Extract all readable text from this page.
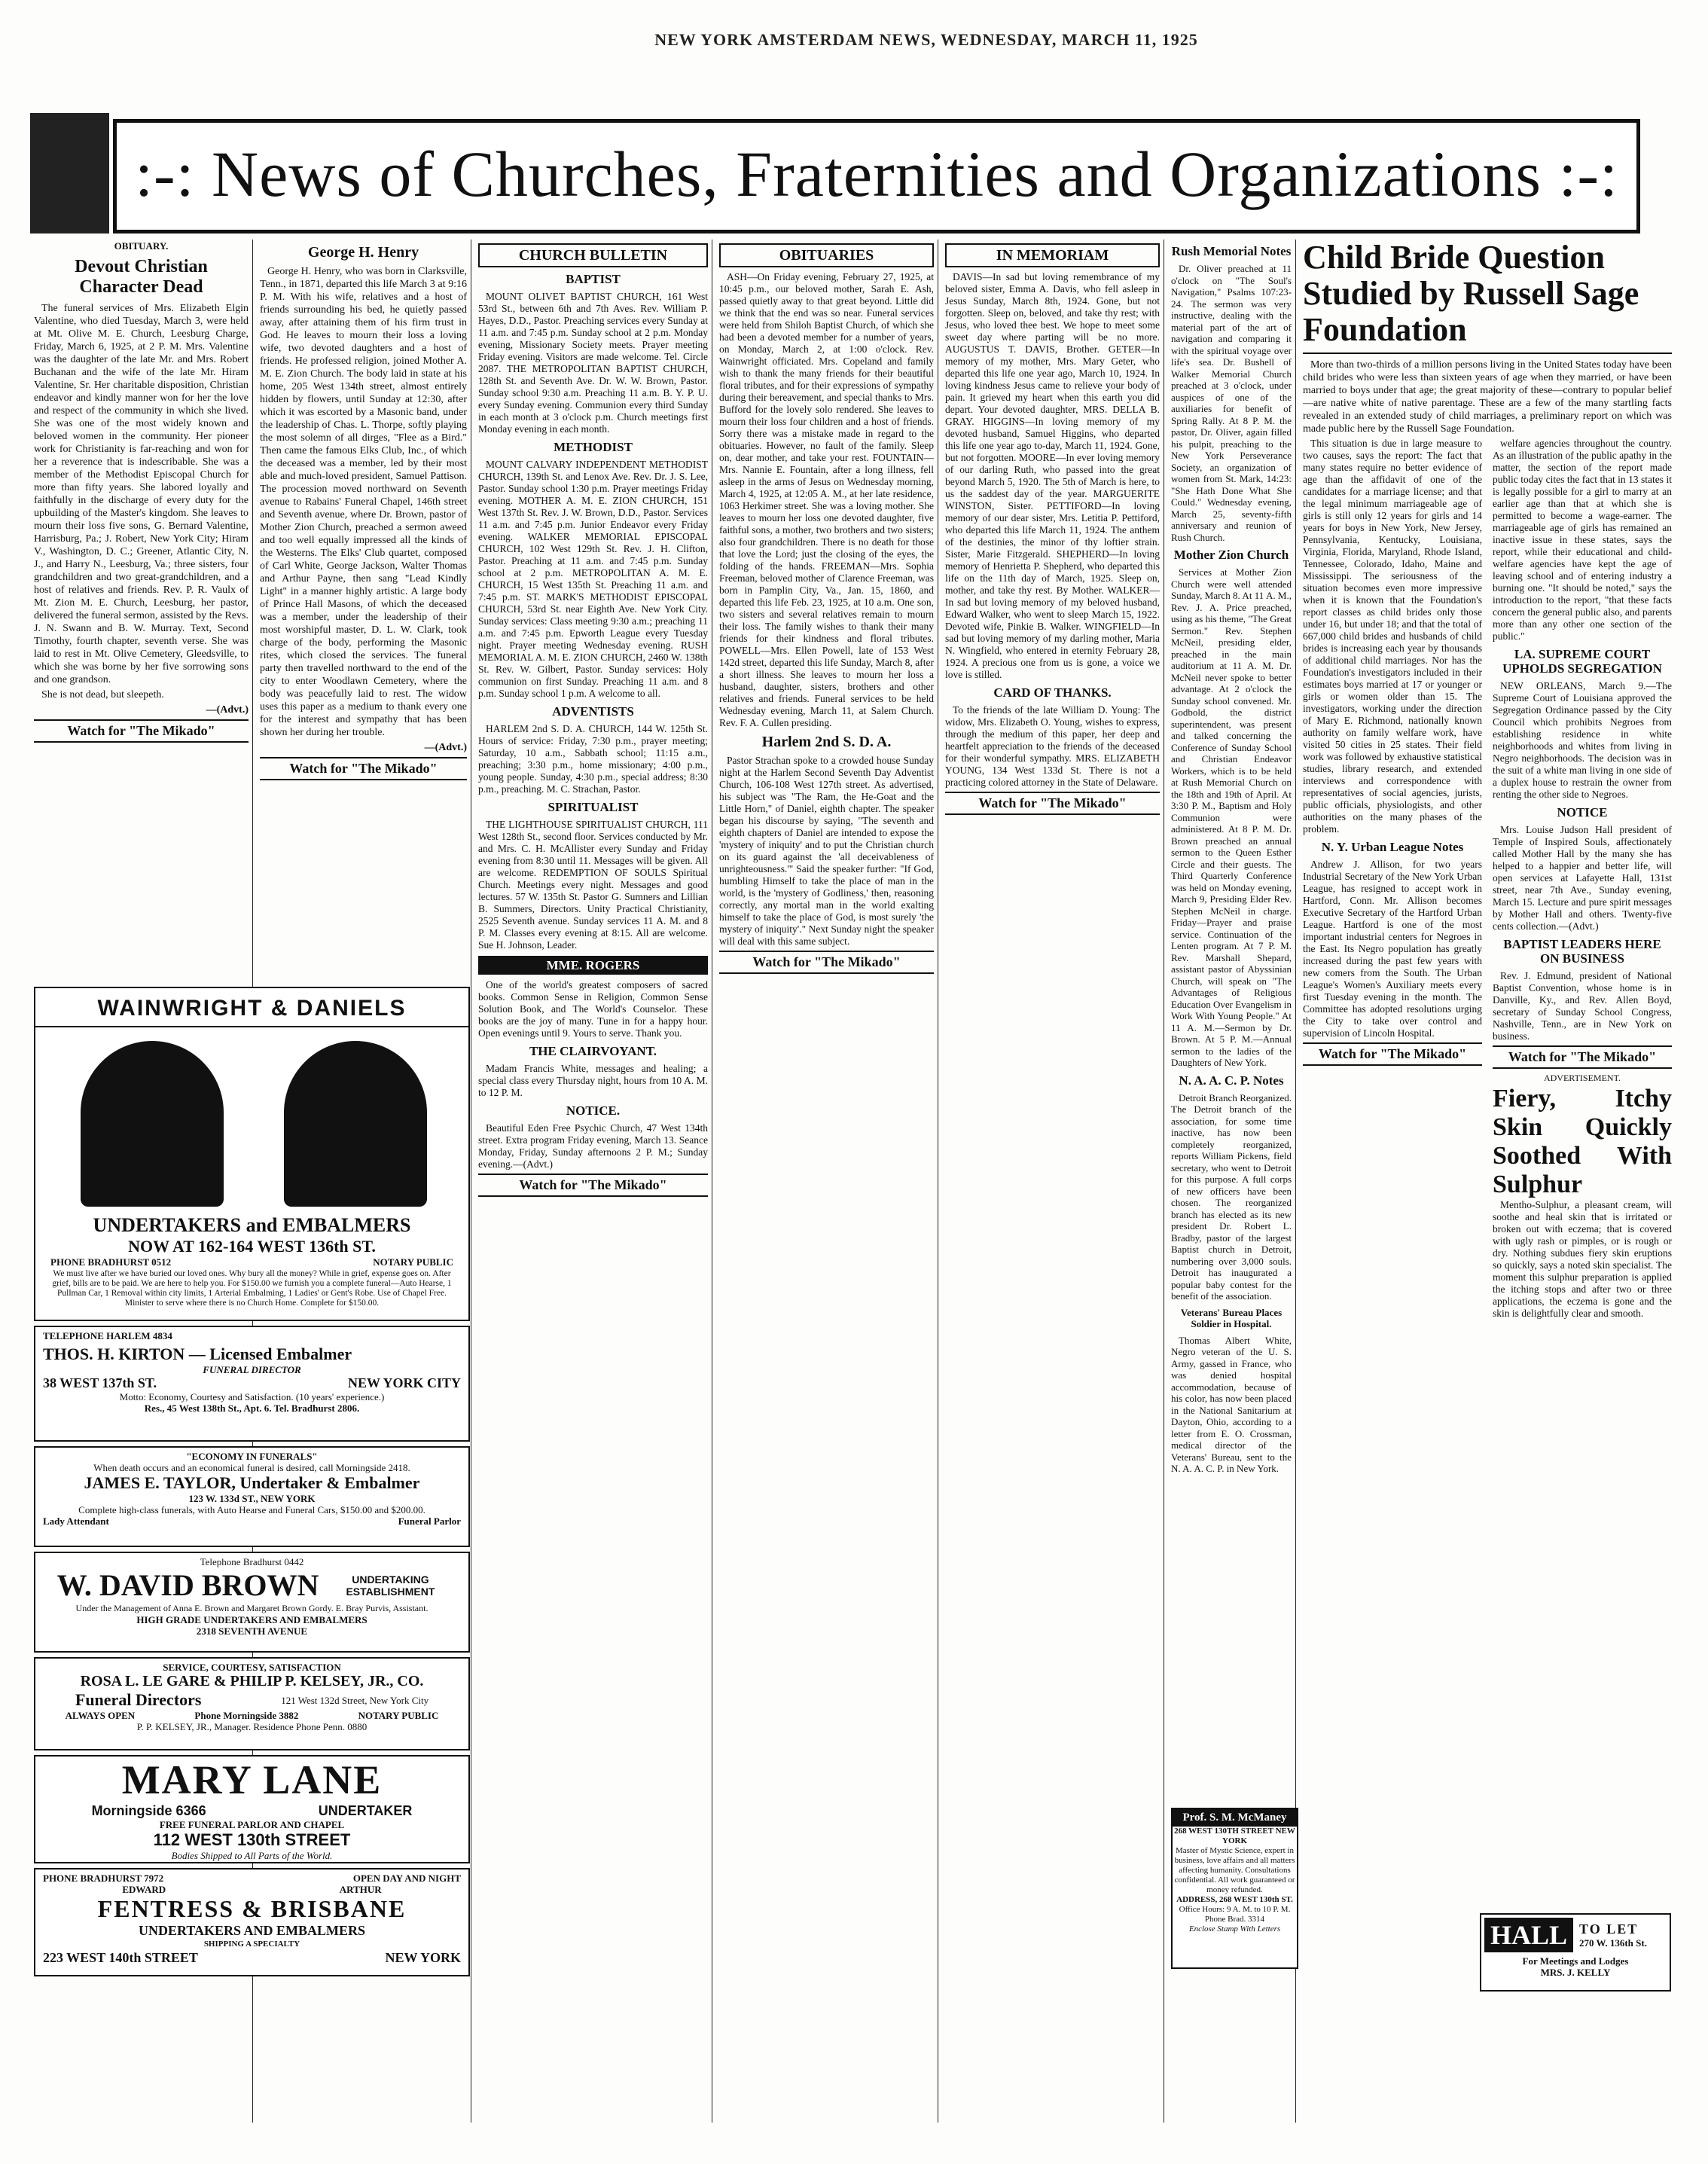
NEW YORK AMSTERDAM NEWS, WEDNESDAY, MARCH 11, 1925
:-: News of Churches, Fraternities and Organizations :-:
OBITUARY.
Devout Christian Character Dead

The funeral services of Mrs. Elizabeth Elgin Valentine, who died Tuesday, March 3, were held at Mt. Olive M. E. Church, Leesburg Charge, Friday, March 6, 1925, at 2 P. M. Mrs. Valentine was the daughter of the late Mr. and Mrs. Robert Buchanan and the wife of the late Mr. Hiram Valentine, Sr. Her charitable disposition, Christian endeavor and kindly manner won for her the love and respect of the community in which she lived. She was one of the most widely known and beloved women in the community. Her pioneer work for Christianity is far-reaching and won for her a reverence that is indescribable. She was a member of the Methodist Episcopal Church for more than fifty years. She labored loyally and faithfully in the discharge of every duty for the upbuilding of the Master's kingdom. She leaves to mourn their loss five sons, G. Bernard Valentine, Harrisburg, Pa.; J. Robert, New York City; Hiram V., Washington, D. C.; Greener, Atlantic City, N. J., and Harry N., Leesburg, Va.; three sisters, four grandchildren and two great-grandchildren, and a host of relatives and friends. Rev. P. R. Vaulx of Mt. Zion M. E. Church, Leesburg, her pastor, delivered the funeral sermon, assisted by the Revs. J. N. Swann and B. W. Murray. Text, Second Timothy, fourth chapter, seventh verse. She was laid to rest in Mt. Olive Cemetery, Gleedsville, to which she was borne by her five sorrowing sons and one grandson.

She is not dead, but sleepeth.

—(Advt.)
Watch for "The Mikado"
George H. Henry

George H. Henry, who was born in Clarksville, Tenn., in 1871, departed this life March 3 at 9:16 P. M. With his wife, relatives and a host of friends surrounding his bed, he quietly passed away, after attaining them of his firm trust in God. He leaves to mourn their loss a loving wife, two devoted daughters and a host of friends. He professed religion, joined Mother A. M. E. Zion Church. The body laid in state at his home, 205 West 134th street, almost entirely hidden by flowers, until Sunday at 12:30, after which it was escorted by a Masonic band, under the leadership of Chas. L. Thorpe, softly playing the most solemn of all dirges, "Flee as a Bird." Then came the famous Elks Club, Inc., of which the deceased was a member, led by their most able and much-loved president, Samuel Pattison. The procession moved northward on Seventh avenue to Rabains' Funeral Chapel, 146th street and Seventh avenue, where Dr. Brown, pastor of Mother Zion Church, preached a sermon aweed and too well equally impressed all the kinds of the Westerns. The Elks' Club quartet, composed of Carl White, George Jackson, Walter Thomas and Arthur Payne, then sang "Lead Kindly Light" in a manner highly artistic. A large body of Prince Hall Masons, of which the deceased was a member, under the leadership of their most worshipful master, D. L. W. Clark, took charge of the body, performing the Masonic rites, which closed the services. The funeral party then travelled northward to the end of the city to enter Woodlawn Cemetery, where the body was peacefully laid to rest. The widow uses this paper as a medium to thank every one for the interest and sympathy that has been shown her during her trouble.

—(Advt.)
Watch for "The Mikado"
WAINWRIGHT & DANIELS
UNDERTAKERS and EMBALMERS
NOW AT 162-164 WEST 136th ST.
PHONE BRADHURST 0512	NOTARY PUBLIC
We must live after we have buried our loved ones. Why bury all the money? While in grief, expense goes on. After grief, bills are to be paid. We are here to help you. For $150.00 we furnish you a complete funeral—Auto Hearse, 1 Pullman Car, 1 Removal within city limits, 1 Arterial Embalming, 1 Ladies' or Gent's Robe. Use of Chapel Free. Minister to serve where there is no Church Home. Complete for $150.00.
TELEPHONE HARLEM 4834
THOS. H. KIRTON — Licensed Embalmer
FUNERAL DIRECTOR
38 WEST 137th ST.	NEW YORK CITY
Motto: Economy, Courtesy and Satisfaction. (10 years' experience.)
Res., 45 West 138th St., Apt. 6. Tel. Bradhurst 2806.
"ECONOMY IN FUNERALS"
When death occurs and an economical funeral is desired, call Morningside 2418.
JAMES E. TAYLOR, Undertaker & Embalmer
123 W. 133d ST., NEW YORK
Complete high-class funerals, with Auto Hearse and Funeral Cars, $150.00 and $200.00.
Lady Attendant	Funeral Parlor
Telephone Bradhurst 0442
W. DAVID BROWN	UNDERTAKING ESTABLISHMENT
Under the Management of Anna E. Brown and Margaret Brown Gordy. E. Bray Purvis, Assistant.
HIGH GRADE UNDERTAKERS AND EMBALMERS
2318 SEVENTH AVENUE
SERVICE, COURTESY, SATISFACTION
ROSA L. LE GARE & PHILIP P. KELSEY, JR., CO.
Funeral Directors	121 West 132d Street, New York City
ALWAYS OPEN	Phone Morningside 3882	NOTARY PUBLIC
P. P. KELSEY, JR., Manager. Residence Phone Penn. 0880
MARY LANE
Morningside 6366	UNDERTAKER
FREE FUNERAL PARLOR AND CHAPEL
112 WEST 130th STREET
Bodies Shipped to All Parts of the World.
PHONE BRADHURST 7972	OPEN DAY AND NIGHT
EDWARD	ARTHUR
FENTRESS & BRISBANE
UNDERTAKERS AND EMBALMERS
SHIPPING A SPECIALTY
223 WEST 140th STREET	NEW YORK
CHURCH BULLETIN
BAPTIST

MOUNT OLIVET BAPTIST CHURCH, 161 West 53rd St., between 6th and 7th Aves. Rev. William P. Hayes, D.D., Pastor. Preaching services every Sunday at 11 a.m. and 7:45 p.m. Sunday school at 2 p.m. Monday evening, Missionary Society meets. Prayer meeting Friday evening. Visitors are made welcome. Tel. Circle 2087. THE METROPOLITAN BAPTIST CHURCH, 128th St. and Seventh Ave. Dr. W. W. Brown, Pastor. Sunday school 9:30 a.m. Preaching 11 a.m. B. Y. P. U. every Sunday evening. Communion every third Sunday in each month at 3 o'clock p.m. Church meetings first Monday evening in each month.

METHODIST

MOUNT CALVARY INDEPENDENT METHODIST CHURCH, 139th St. and Lenox Ave. Rev. Dr. J. S. Lee, Pastor. Sunday school 1:30 p.m. Prayer meetings Friday evening. MOTHER A. M. E. ZION CHURCH, 151 West 137th St. Rev. J. W. Brown, D.D., Pastor. Services 11 a.m. and 7:45 p.m. Junior Endeavor every Friday evening. WALKER MEMORIAL EPISCOPAL CHURCH, 102 West 129th St. Rev. J. H. Clifton, Pastor. Preaching at 11 a.m. and 7:45 p.m. Sunday school at 2 p.m. METROPOLITAN A. M. E. CHURCH, 15 West 135th St. Preaching 11 a.m. and 7:45 p.m. ST. MARK'S METHODIST EPISCOPAL CHURCH, 53rd St. near Eighth Ave. New York City. Sunday services: Class meeting 9:30 a.m.; preaching 11 a.m. and 7:45 p.m. Epworth League every Tuesday night. Prayer meeting Wednesday evening. RUSH MEMORIAL A. M. E. ZION CHURCH, 2460 W. 138th St. Rev. W. Gilbert, Pastor. Sunday services: Holy communion on first Sunday. Preaching 11 a.m. and 8 p.m. Sunday school 1 p.m. A welcome to all.

ADVENTISTS

HARLEM 2nd S. D. A. CHURCH, 144 W. 125th St. Hours of service: Friday, 7:30 p.m., prayer meeting; Saturday, 10 a.m., Sabbath school; 11:15 a.m., preaching; 3:30 p.m., home missionary; 4:00 p.m., young people. Sunday, 4:30 p.m., special address; 8:30 p.m., preaching. M. C. Strachan, Pastor.

SPIRITUALIST

THE LIGHTHOUSE SPIRITUALIST CHURCH, 111 West 128th St., second floor. Services conducted by Mr. and Mrs. C. H. McAllister every Sunday and Friday evening from 8:30 until 11. Messages will be given. All are welcome. REDEMPTION OF SOULS Spiritual Church. Meetings every night. Messages and good lectures. 57 W. 135th St. Pastor G. Sumners and Lillian B. Summers, Directors. Unity Practical Christianity, 2525 Seventh avenue. Sunday services 11 A. M. and 8 P. M. Classes every evening at 8:15. All are welcome. Sue H. Johnson, Leader.

MME. ROGERS

One of the world's greatest composers of sacred books. Common Sense in Religion, Common Sense Solution Book, and The World's Counselor. These books are the joy of many. Tune in for a happy hour. Open evenings until 9. Yours to serve. Thank you.

THE CLAIRVOYANT.

Madam Francis White, messages and healing; a special class every Thursday night, hours from 10 A. M. to 12 P. M.

NOTICE.

Beautiful Eden Free Psychic Church, 47 West 134th street. Extra program Friday evening, March 13. Seance Monday, Friday, Sunday afternoons 2 P. M.; Sunday evening.—(Advt.)

Watch for "The Mikado"
OBITUARIES

ASH—On Friday evening, February 27, 1925, at 10:45 p.m., our beloved mother, Sarah E. Ash, passed quietly away to that great beyond. Little did we think that the end was so near. Funeral services were held from Shiloh Baptist Church, of which she had been a devoted member for a number of years, on Monday, March 2, at 1:00 o'clock. Rev. Wainwright officiated. Mrs. Copeland and family wish to thank the many friends for their beautiful floral tributes, and for their expressions of sympathy during their bereavement, and special thanks to Mrs. Bufford for the lovely solo rendered. She leaves to mourn their loss four children and a host of friends. Sorry there was a mistake made in regard to the obituaries. However, no fault of the family. Sleep on, dear mother, and take your rest. FOUNTAIN—Mrs. Nannie E. Fountain, after a long illness, fell asleep in the arms of Jesus on Wednesday morning, March 4, 1925, at 12:05 A. M., at her late residence, 1063 Herkimer street. She was a loving mother. She leaves to mourn her loss one devoted daughter, five faithful sons, a mother, two brothers and two sisters; also four grandchildren. There is no death for those that love the Lord; just the closing of the eyes, the folding of the hands. FREEMAN—Mrs. Sophia Freeman, beloved mother of Clarence Freeman, was born in Pamplin City, Va., Jan. 15, 1860, and departed this life Feb. 23, 1925, at 10 a.m. One son, two sisters and several relatives remain to mourn their loss. The family wishes to thank their many friends for their kindness and floral tributes. POWELL—Mrs. Ellen Powell, late of 153 West 142d street, departed this life Sunday, March 8, after a short illness. She leaves to mourn her loss a husband, daughter, sisters, brothers and other relatives and friends. Funeral services to be held Wednesday evening, March 11, at Salem Church. Rev. F. A. Cullen presiding.

Harlem 2nd S. D. A.

Pastor Strachan spoke to a crowded house Sunday night at the Harlem Second Seventh Day Adventist Church, 106-108 West 127th street. As advertised, his subject was "The Ram, the He-Goat and the Little Horn," of Daniel, eighth chapter. The speaker began his discourse by saying, "The seventh and eighth chapters of Daniel are intended to expose the 'mystery of iniquity' and to put the Christian church on its guard against the 'all deceivableness of unrighteousness.'" Said the speaker further: "If God, humbling Himself to take the place of man in the world, is the 'mystery of Godliness,' then, reasoning correctly, any mortal man in the world exalting himself to take the place of God, is most surely 'the mystery of iniquity'." Next Sunday night the speaker will deal with this same subject.

Watch for "The Mikado"
IN MEMORIAM

DAVIS—In sad but loving remembrance of my beloved sister, Emma A. Davis, who fell asleep in Jesus Sunday, March 8th, 1924. Gone, but not forgotten. Sleep on, beloved, and take thy rest; with Jesus, who loved thee best. We hope to meet some sweet day where parting will be no more. AUGUSTUS T. DAVIS, Brother. GETER—In memory of my mother, Mrs. Mary Geter, who departed this life one year ago, March 10, 1924. In loving kindness Jesus came to relieve your body of pain. It grieved my heart when this earth you did depart. Your devoted daughter, MRS. DELLA B. GRAY. HIGGINS—In loving memory of my devoted husband, Samuel Higgins, who departed this life one year ago to-day, March 11, 1924. Gone, but not forgotten. MOORE—In ever loving memory of our darling Ruth, who passed into the great beyond March 5, 1920. The 5th of March is here, to us the saddest day of the year. MARGUERITE WINSTON, Sister. PETTIFORD—In loving memory of our dear sister, Mrs. Letitia P. Pettiford, who departed this life March 11, 1924. The anthem of the destinies, the minor of thy loftier strain. Sister, Marie Fitzgerald. SHEPHERD—In loving memory of Henrietta P. Shepherd, who departed this life on the 11th day of March, 1925. Sleep on, mother, and take thy rest. By Mother. WALKER—In sad but loving memory of my beloved husband, Edward Walker, who went to sleep March 15, 1922. Devoted wife, Pinkie B. Walker. WINGFIELD—In sad but loving memory of my darling mother, Maria N. Wingfield, who entered in eternity February 28, 1924. A precious one from us is gone, a voice we love is stilled.

CARD OF THANKS.

To the friends of the late William D. Young: The widow, Mrs. Elizabeth O. Young, wishes to express, through the medium of this paper, her deep and heartfelt appreciation to the friends of the deceased for their wonderful sympathy. MRS. ELIZABETH YOUNG, 134 West 133d St. There is not a practicing colored attorney in the State of Delaware.

Watch for "The Mikado"
Rush Memorial Notes

Dr. Oliver preached at 11 o'clock on "The Soul's Navigation," Psalms 107:23-24. The sermon was very instructive, dealing with the material part of the art of navigation and comparing it with the spiritual voyage over life's sea. Dr. Bushell of Walker Memorial Church preached at 3 o'clock, under auspices of one of the auxiliaries for benefit of Spring Rally. At 8 P. M. the pastor, Dr. Oliver, again filled his pulpit, preaching to the New York Perseverance Society, an organization of women from St. Mark, 14:23: "She Hath Done What She Could." Wednesday evening, March 25, seventy-fifth anniversary and reunion of Rush Church.

Mother Zion Church

Services at Mother Zion Church were well attended Sunday, March 8. At 11 A. M., Rev. J. A. Price preached, using as his theme, "The Great Sermon." Rev. Stephen McNeil, presiding elder, preached in the main auditorium at 11 A. M. Dr. McNeil never spoke to better advantage. At 2 o'clock the Sunday school convened. Mr. Godbold, the district superintendent, was present and talked concerning the Conference of Sunday School and Christian Endeavor Workers, which is to be held at Rush Memorial Church on the 18th and 19th of April. At 3:30 P. M., Baptism and Holy Communion were administered. At 8 P. M. Dr. Brown preached an annual sermon to the Queen Esther Circle and their guests. The Third Quarterly Conference was held on Monday evening, March 9, Presiding Elder Rev. Stephen McNeil in charge. Friday—Prayer and praise service. Continuation of the Lenten program. At 7 P. M. Rev. Marshall Shepard, assistant pastor of Abyssinian Church, will speak on "The Advantages of Religious Education Over Evangelism in Work With Young People." At 11 A. M.—Sermon by Dr. Brown. At 5 P. M.—Annual sermon to the ladies of the Daughters of New York.

N. A. A. C. P. Notes

Detroit Branch Reorganized. The Detroit branch of the association, for some time inactive, has now been completely reorganized, reports William Pickens, field secretary, who went to Detroit for this purpose. A full corps of new officers have been chosen. The reorganized branch has elected as its new president Dr. Robert L. Bradby, pastor of the largest Baptist church in Detroit, numbering over 3,000 souls. Detroit has inaugurated a popular baby contest for the benefit of the association.

Veterans' Bureau Places Soldier in Hospital.

Thomas Albert White, Negro veteran of the U. S. Army, gassed in France, who was denied hospital accommodation, because of his color, has now been placed in the National Sanitarium at Dayton, Ohio, according to a letter from E. O. Crossman, medical director of the Veterans' Bureau, sent to the N. A. A. C. P. in New York.

Child Bride Question Studied by Russell Sage Foundation

More than two-thirds of a million persons living in the United States today have been child brides who were less than sixteen years of age when they married, or have been married to boys under that age; the great majority of these—contrary to popular belief—are native white of native parentage. These are a few of the many startling facts revealed in an extended study of child marriages, a preliminary report on which was made public here by the Russell Sage Foundation.

This situation is due in large measure to two causes, says the report: The fact that many states require no better evidence of age than the affidavit of one of the candidates for a marriage license; and that the legal minimum marriageable age of girls is still only 12 years for girls and 14 years for boys in New York, New Jersey, Pennsylvania, Kentucky, Louisiana, Virginia, Florida, Maryland, Rhode Island, Tennessee, Colorado, Idaho, Maine and Mississippi. The seriousness of the situation becomes even more impressive when it is known that the Foundation's report classes as child brides only those under 16, but under 18; and that the total of 667,000 child brides and husbands of child brides is increasing each year by thousands of additional child marriages. Nor has the Foundation's investigators included in their estimates boys married at 17 or younger or girls or women older than 15. The investigators, working under the direction of Mary E. Richmond, nationally known authority on family welfare work, have visited 50 cities in 25 states. Their field work was followed by exhaustive statistical studies, library research, and extended interviews and correspondence with representatives of social agencies, jurists, public officials, physiologists, and other authorities on the many phases of the problem.

N. Y. Urban League Notes

Andrew J. Allison, for two years Industrial Secretary of the New York Urban League, has resigned to accept work in Hartford, Conn. Mr. Allison becomes Executive Secretary of the Hartford Urban League. Hartford is one of the most important industrial centers for Negroes in the East. Its Negro population has greatly increased during the past few years with new comers from the South. The Urban League's Women's Auxiliary meets every first Tuesday evening in the month. The Committee has adopted resolutions urging the City to take over control and supervision of Lincoln Hospital.

Watch for "The Mikado"

welfare agencies throughout the country. As an illustration of the public apathy in the matter, the section of the report made public today cites the fact that in 13 states it is legally possible for a girl to marry at an earlier age than that at which she is permitted to become a wage-earner. The marriageable age of girls has remained an inactive issue in these states, says the report, while their educational and child-welfare agencies have kept the age of leaving school and of entering industry a burning one. "It should be noted," says the introduction to the report, "that these facts concern the general public also, and parents more than any other one section of the public."

LA. SUPREME COURT UPHOLDS SEGREGATION

NEW ORLEANS, March 9.—The Supreme Court of Louisiana approved the Segregation Ordinance passed by the City Council which prohibits Negroes from establishing residence in white neighborhoods and whites from living in Negro neighborhoods. The decision was in the suit of a white man living in one side of a duplex house to restrain the owner from renting the other side to Negroes.

NOTICE

Mrs. Louise Judson Hall president of Temple of Inspired Souls, affectionately called Mother Hall by the many she has helped to a happier and better life, will open services at Lafayette Hall, 131st street, near 7th Ave., Sunday evening, March 15. Lecture and pure spirit messages by Mother Hall and others. Twenty-five cents collection.—(Advt.)

BAPTIST LEADERS HERE ON BUSINESS

Rev. J. Edmund, president of National Baptist Convention, whose home is in Danville, Ky., and Rev. Allen Boyd, secretary of Sunday School Congress, Nashville, Tenn., are in New York on business.

Watch for "The Mikado"
ADVERTISEMENT.
Fiery, Itchy Skin Quickly Soothed With Sulphur

Mentho-Sulphur, a pleasant cream, will soothe and heal skin that is irritated or broken out with eczema; that is covered with ugly rash or pimples, or is rough or dry. Nothing subdues fiery skin eruptions so quickly, says a noted skin specialist. The moment this sulphur preparation is applied the itching stops and after two or three applications, the eczema is gone and the skin is delightfully clear and smooth.

Prof. S. M. McManey
268 WEST 130TH STREET NEW YORK
Master of Mystic Science, expert in business, love affairs and all matters affecting humanity. Consultations confidential. All work guaranteed or money refunded.
ADDRESS, 268 WEST 130th ST.
Office Hours: 9 A. M. to 10 P. M.
Phone Brad. 3314
Enclose Stamp With Letters	HALL TO LET
270 W. 136th St.
For Meetings and Lodges
MRS. J. KELLY
